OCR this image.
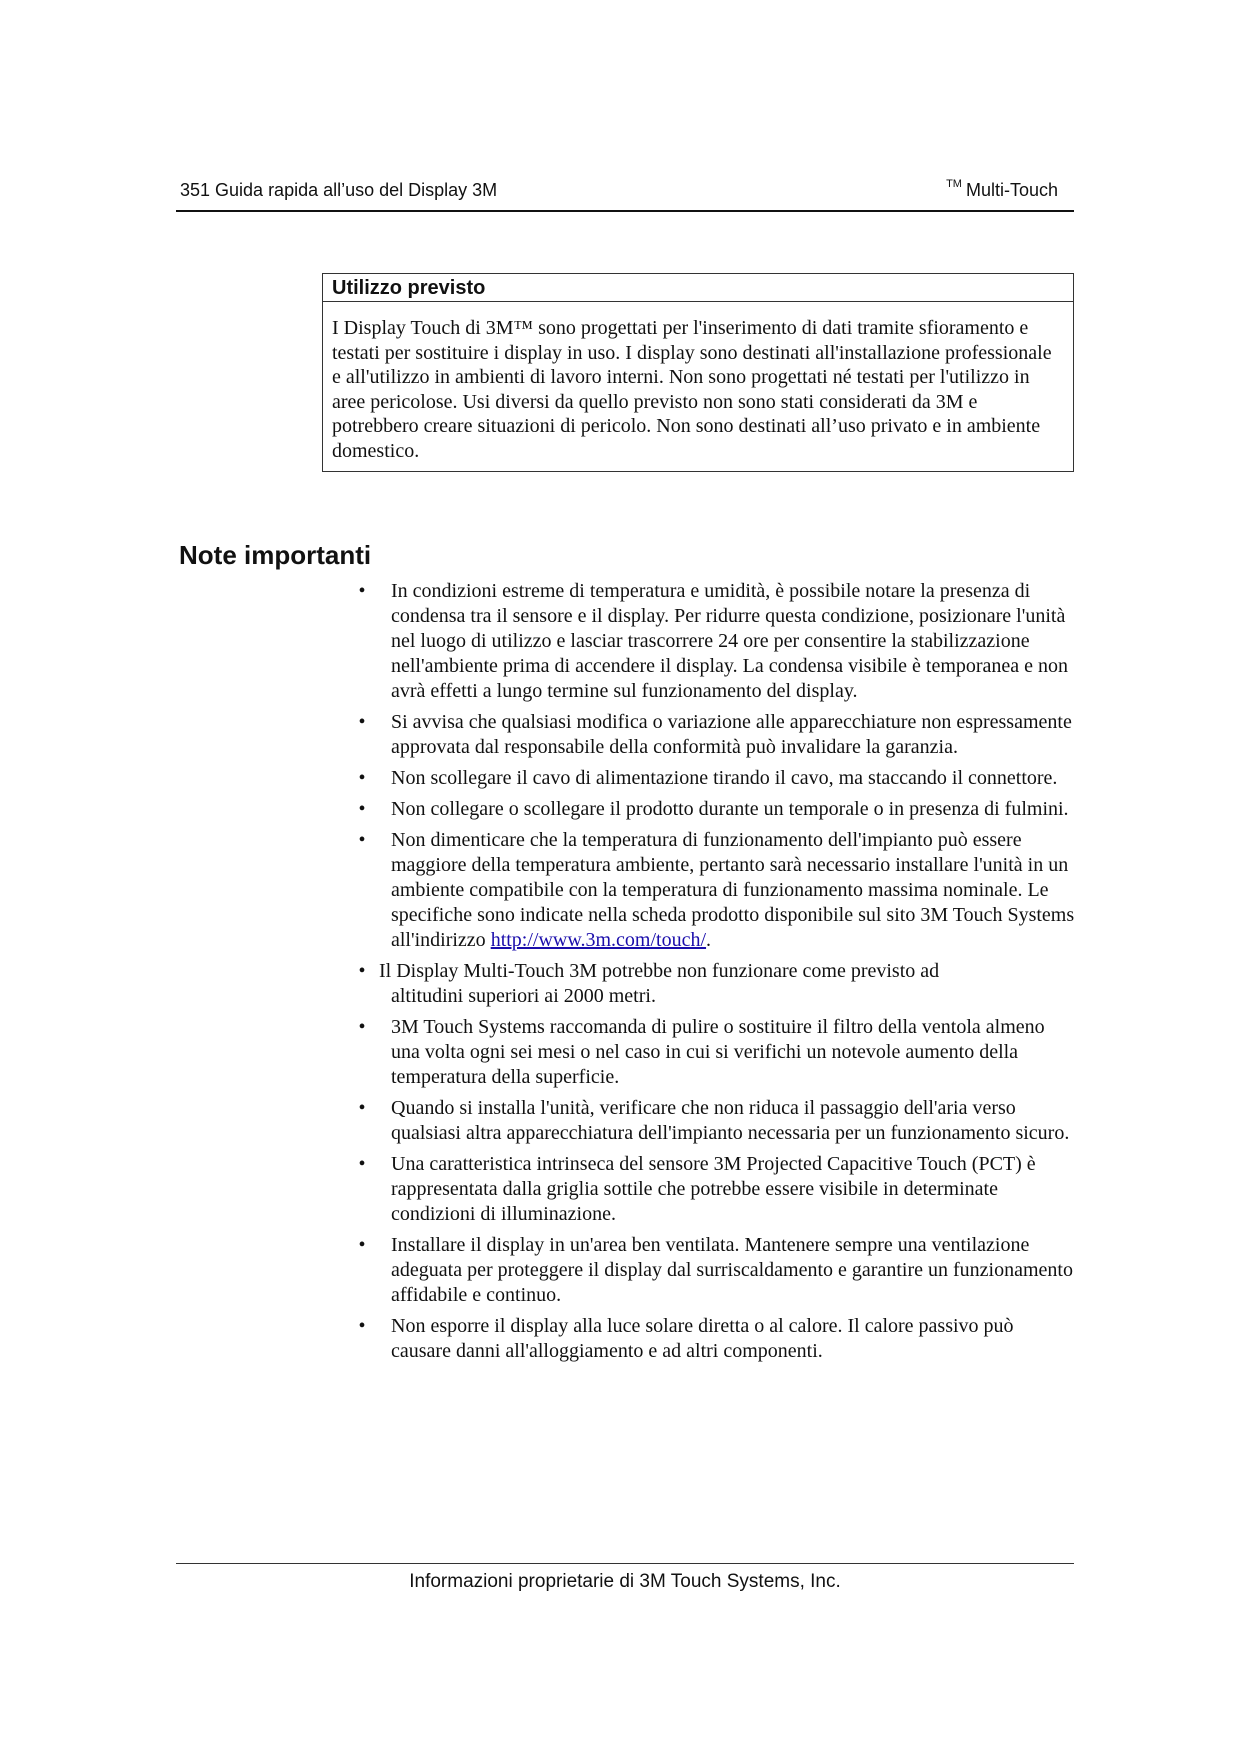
351 Guida rapida all’uso del Display 3M	™ Multi-Touch
Utilizzo previsto
I Display Touch di 3M™ sono progettati per l'inserimento di dati tramite sfioramento e testati per sostituire i display in uso. I display sono destinati all'installazione professionale e all'utilizzo in ambienti di lavoro interni. Non sono progettati né testati per l'utilizzo in aree pericolose. Usi diversi da quello previsto non sono stati considerati da 3M e potrebbero creare situazioni di pericolo. Non sono destinati all’uso privato e in ambiente domestico.
Note importanti
• In condizioni estreme di temperatura e umidità, è possibile notare la presenza di condensa tra il sensore e il display. Per ridurre questa condizione, posizionare l'unità nel luogo di utilizzo e lasciar trascorrere 24 ore per consentire la stabilizzazione nell'ambiente prima di accendere il display. La condensa visibile è temporanea e non avrà effetti a lungo termine sul funzionamento del display.
• Si avvisa che qualsiasi modifica o variazione alle apparecchiature non espressamente approvata dal responsabile della conformità può invalidare la garanzia.
• Non scollegare il cavo di alimentazione tirando il cavo, ma staccando il connettore.
• Non collegare o scollegare il prodotto durante un temporale o in presenza di fulmini.
• Non dimenticare che la temperatura di funzionamento dell'impianto può essere maggiore della temperatura ambiente, pertanto sarà necessario installare l'unità in un ambiente compatibile con la temperatura di funzionamento massima nominale. Le specifiche sono indicate nella scheda prodotto disponibile sul sito 3M Touch Systems all'indirizzo http://www.3m.com/touch/.
• Il Display Multi-Touch 3M potrebbe non funzionare come previsto ad
altitudini superiori ai 2000 metri.
• 3M Touch Systems raccomanda di pulire o sostituire il filtro della ventola almeno una volta ogni sei mesi o nel caso in cui si verifichi un notevole aumento della temperatura della superficie.
• Quando si installa l'unità, verificare che non riduca il passaggio dell'aria verso qualsiasi altra apparecchiatura dell'impianto necessaria per un funzionamento sicuro.
• Una caratteristica intrinseca del sensore 3M Projected Capacitive Touch (PCT) è rappresentata dalla griglia sottile che potrebbe essere visibile in determinate condizioni di illuminazione.
• Installare il display in un'area ben ventilata. Mantenere sempre una ventilazione adeguata per proteggere il display dal surriscaldamento e garantire un funzionamento affidabile e continuo.
• Non esporre il display alla luce solare diretta o al calore. Il calore passivo può causare danni all'alloggiamento e ad altri componenti.
Informazioni proprietarie di 3M Touch Systems, Inc.
